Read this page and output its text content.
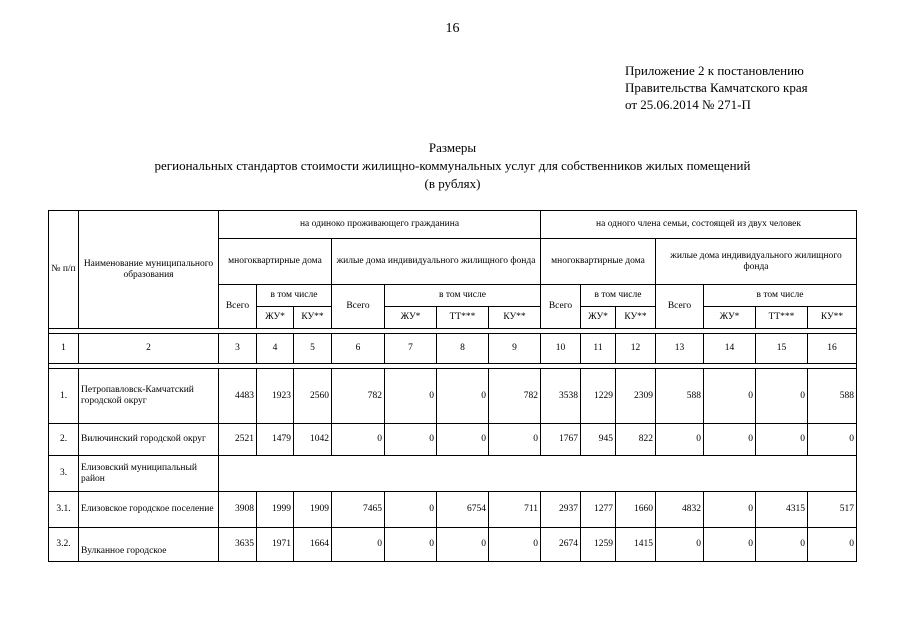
16
Приложение 2 к постановлению
Правительства Камчатского края
от 25.06.2014 № 271-П
Размеры
региональных стандартов стоимости жилищно-коммунальных услуг для собственников жилых помещений
(в рублях)
№ п/п	Наименование муниципального образования	на одиноко проживающего гражданина							на одного члена семьи, состоящей из двух человек						
		многоквартирные дома			жилые дома индивидуального жилищного фонда				многоквартирные дома			жилые дома индивидуального жилищного фонда			
		Всего	в том числе		Всего	в том числе			Всего	в том числе		Всего	в том числе		
			ЖУ*	КУ**		ЖУ*	ТТ***	КУ**		ЖУ*	КУ**		ЖУ*	ТТ***	КУ**

1	2	3	4	5	6	7	8	9	10	11	12	13	14	15	16

1.	Петропавловск-Камчатский городской округ	4483	1923	2560	782	0	0	782	3538	1229	2309	588	0	0	588
2.	Вилючинский городской округ	2521	1479	1042	0	0	0	0	1767	945	822	0	0	0	0
3.	Елизовский муниципальный район														
3.1.	Елизовское городское поселение	3908	1999	1909	7465	0	6754	711	2937	1277	1660	4832	0	4315	517
3.2.	Вулканное городское	3635	1971	1664	0	0	0	0	2674	1259	1415	0	0	0	0
